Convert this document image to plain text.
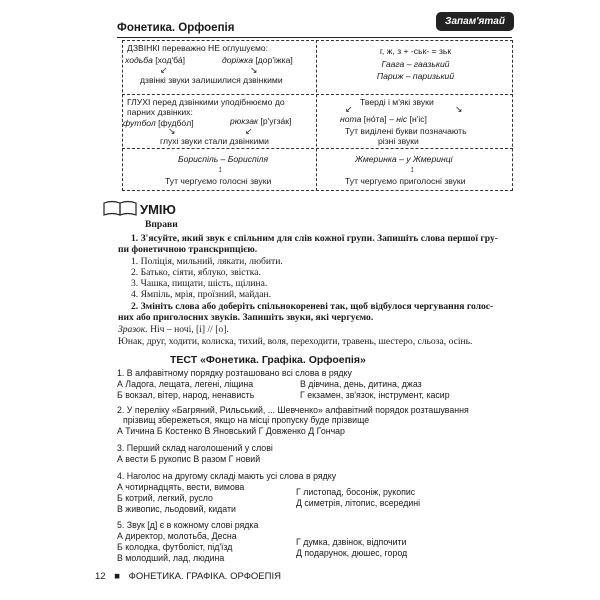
Фонетика. Орфоепія
Запам'ятай
ДЗВІНКІ переважно НЕ оглушуємо:
ходьба [ходʹба́]	доріжка [дор'іжка]
↙	↘
дзвінкі звуки залишилися дзвінкими
г, ж, з + -ськ- = зьк
Гаага – гаазький
Париж – паризький
ГЛУХІ перед дзвінкими уподібнюємо до
парних дзвінких:
футбол [фудбóл]	рюкзак [р'угза́к]
↘	↙
глухі звуки стали дзвінкими
Тверді і м'які звуки
нота [но́та] – ніс [н'іс]
↙	↘
Тут виділені букви позначають
різні звуки
Бориспіль – Бориспіля
↕
Тут чергуємо голосні звуки
Жмеринка – у Жмеринці
↕
Тут чергуємо приголосні звуки
УМІЮ
Вправи
1. З'ясуйте, який звук є спільним для слів кожної групи. Запишіть слова першої гру-
пи фонетичною транскрипцією.
1. Поліція, мильний, лякати, любити.
2. Батько, сіяти, яблуко, звістка.
3. Чашка, пищати, шість, щілина.
4. Ямпіль, мрія, проїзний, майдан.
2. Змініть слова або доберіть спільнокореневі так, щоб відбулося чергування голос-
них або приголосних звуків. Запишіть звуки, які чергуємо.
Зразок. Ніч – ночі, [і] // [о].
Юнак, друг, ходити, колиска, тихий, воля, переходити, травень, шестеро, сльоза, осінь.
ТЕСТ «Фонетика. Графіка. Орфоепія»
1. В алфавітному порядку розташовано всі слова в рядку
А Ладога, лещата, легені, ліщина
Б вокзал, вітер, народ, ненависть
В дівчина, день, дитина, джаз
Г екзамен, зв'язок, інструмент, касир
2. У переліку «Багряний, Рильський, ... Шевченко» алфавітний порядок розташування
прізвищ збережеться, якщо на місці пропуску буде прізвище
А Тичина Б Костенко В Яновський Г Довженко Д Гончар
3. Перший склад наголошений у слові
А вести Б рукопис В разом Г новий
4. Наголос на другому складі мають усі слова в рядку
А чотирнадцять, вести, вимова
Б котрий, легкий, русло
В живопис, льодовий, кидати
Г листопад, босоніж, рукопис
Д симетрія, літопис, всередині
5. Звук [д] є в кожному слові рядка
А директор, молотьба, Десна
Б колодка, футболіст, під'їзд
В молодший, лад, людина
Г думка, дзвінок, відпочити
Д подарунок, дюшес, город
12 ■ ФОНЕТИКА. ГРАФІКА. ОРФОЕПІЯ
